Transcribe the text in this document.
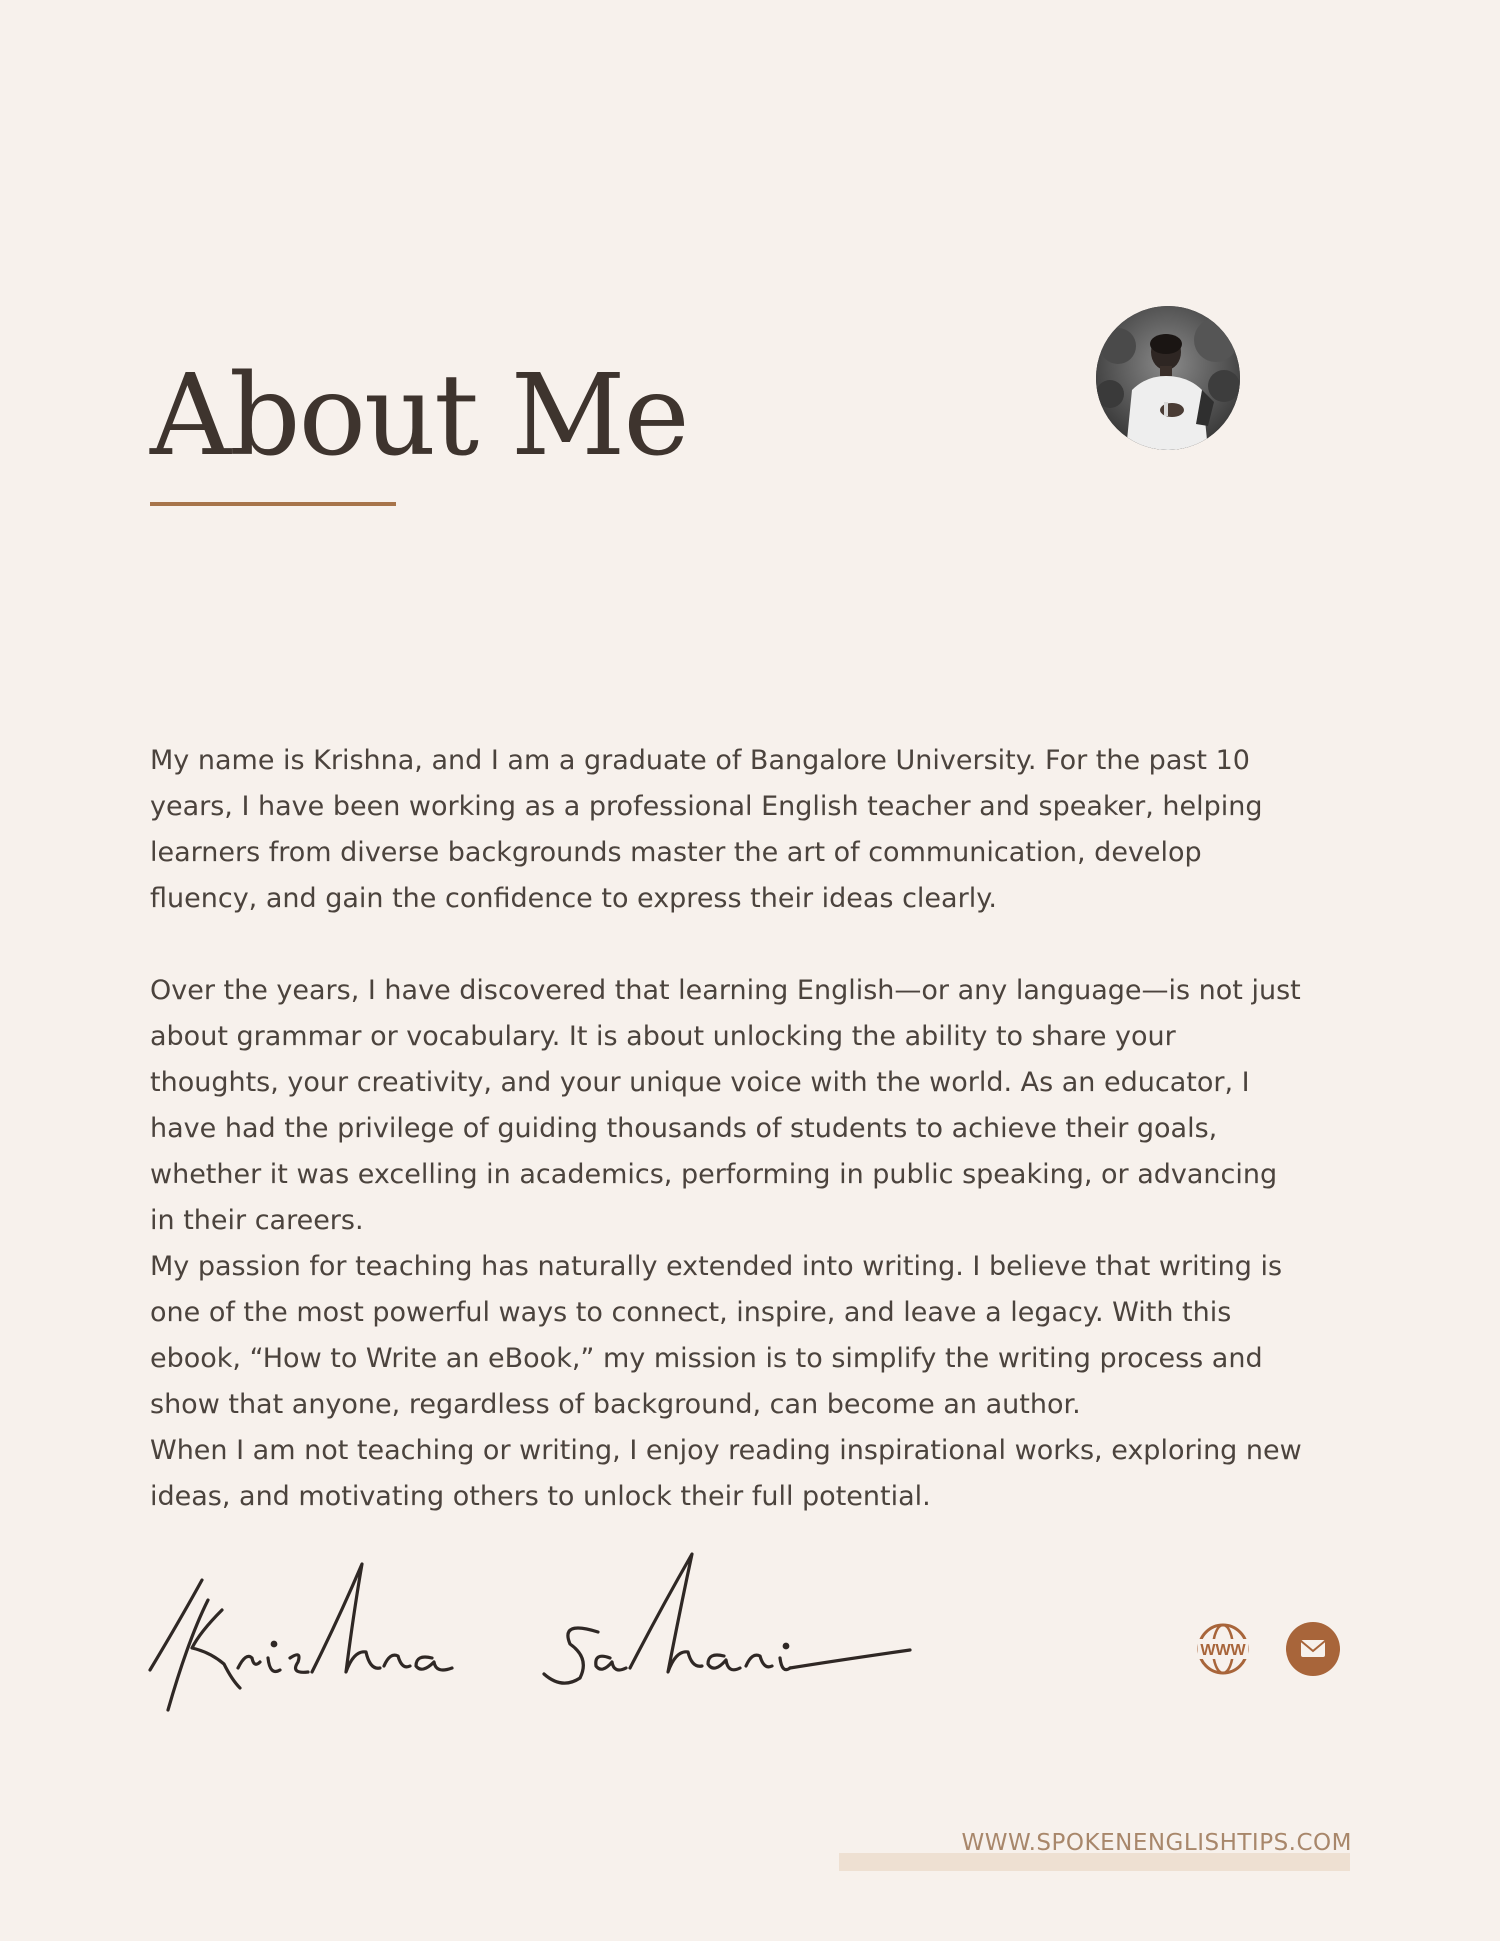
About Me

My name is Krishna, and I am a graduate of Bangalore University. For the past 10 years, I have been working as a professional English teacher and speaker, helping learners from diverse backgrounds master the art of communication, develop fluency, and gain the confidence to express their ideas clearly.

Over the years, I have discovered that learning English—or any language—is not just about grammar or vocabulary. It is about unlocking the ability to share your thoughts, your creativity, and your unique voice with the world. As an educator, I have had the privilege of guiding thousands of students to achieve their goals, whether it was excelling in academics, performing in public speaking, or advancing in their careers.

My passion for teaching has naturally extended into writing. I believe that writing is one of the most powerful ways to connect, inspire, and leave a legacy. With this ebook, “How to Write an eBook,” my mission is to simplify the writing process and show that anyone, regardless of background, can become an author.

When I am not teaching or writing, I enjoy reading inspirational works, exploring new ideas, and motivating others to unlock their full potential.

WWW
WWW.SPOKENENGLISHTIPS.COM
